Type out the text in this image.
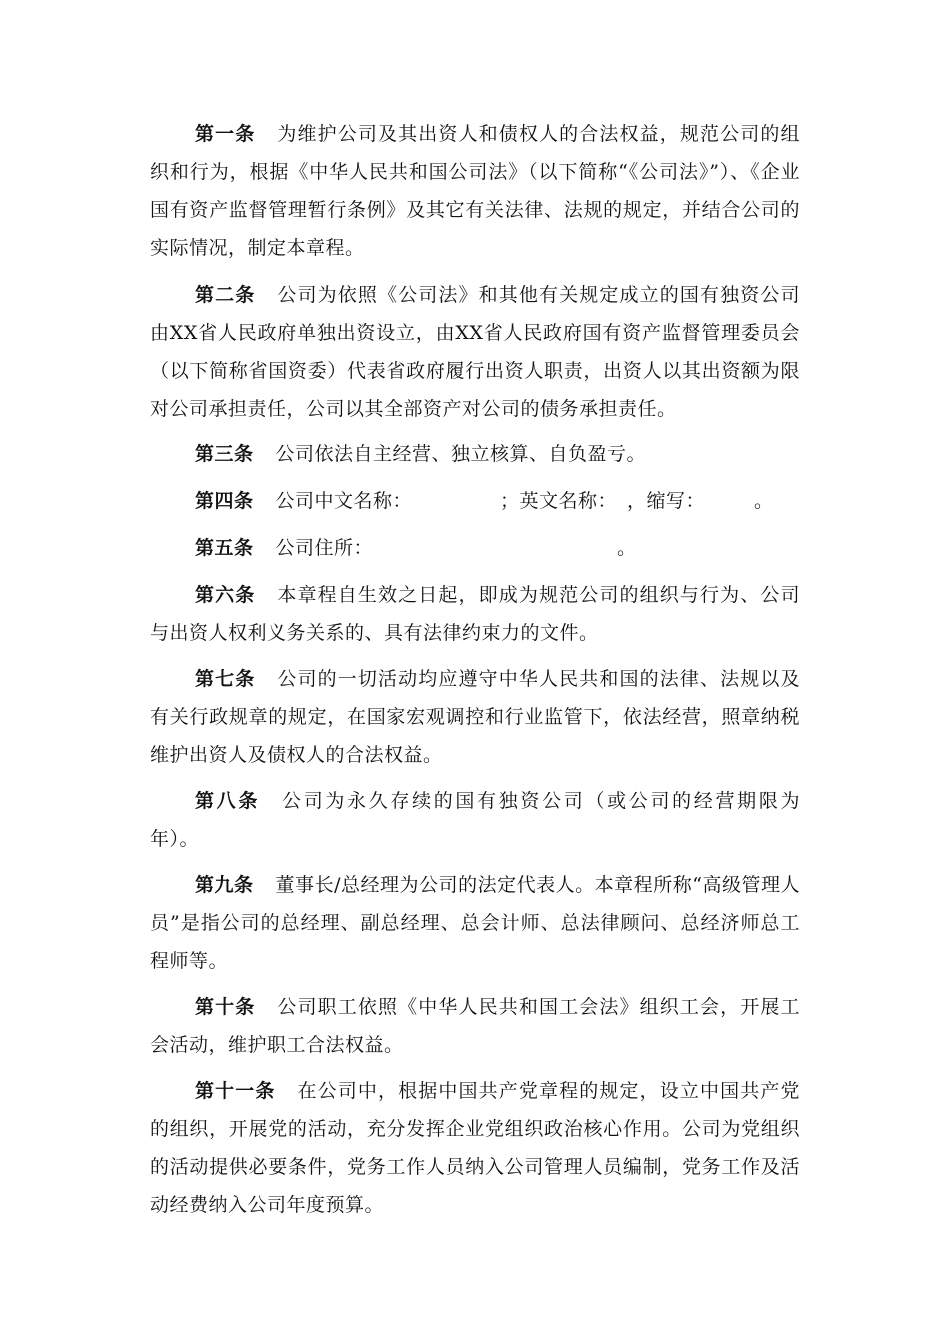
第一条 为维护公司及其出资人和债权人的合法权益，规范公司的组织和行为，根据《中华人民共和国公司法》（以下简称“《公司法》”）、《企业国有资产监督管理暂行条例》及其它有关法律、法规的规定，并结合公司的实际情况，制定本章程。

第二条 公司为依照《公司法》和其他有关规定成立的国有独资公司由XX省人民政府单独出资设立，由XX省人民政府国有资产监督管理委员会（以下简称省国资委）代表省政府履行出资人职责，出资人以其出资额为限对公司承担责任，公司以其全部资产对公司的债务承担责任。

第三条 公司依法自主经营、独立核算、自负盈亏。

第四条 公司中文名称：　　　　　；英文名称：　，缩写：　　　。

第五条 公司住所：　　　　　　　　　　　　　。

第六条 本章程自生效之日起，即成为规范公司的组织与行为、公司与出资人权利义务关系的、具有法律约束力的文件。

第七条 公司的一切活动均应遵守中华人民共和国的法律、法规以及有关行政规章的规定，在国家宏观调控和行业监管下，依法经营，照章纳税维护出资人及债权人的合法权益。

第八条 公司为永久存续的国有独资公司（或公司的经营期限为　　　年）。

第九条 董事长/总经理为公司的法定代表人。本章程所称“高级管理人员”是指公司的总经理、副总经理、总会计师、总法律顾问、总经济师总工程师等。

第十条 公司职工依照《中华人民共和国工会法》组织工会，开展工会活动，维护职工合法权益。

第十一条 在公司中，根据中国共产党章程的规定，设立中国共产党的组织，开展党的活动，充分发挥企业党组织政治核心作用。公司为党组织的活动提供必要条件，党务工作人员纳入公司管理人员编制，党务工作及活动经费纳入公司年度预算。
